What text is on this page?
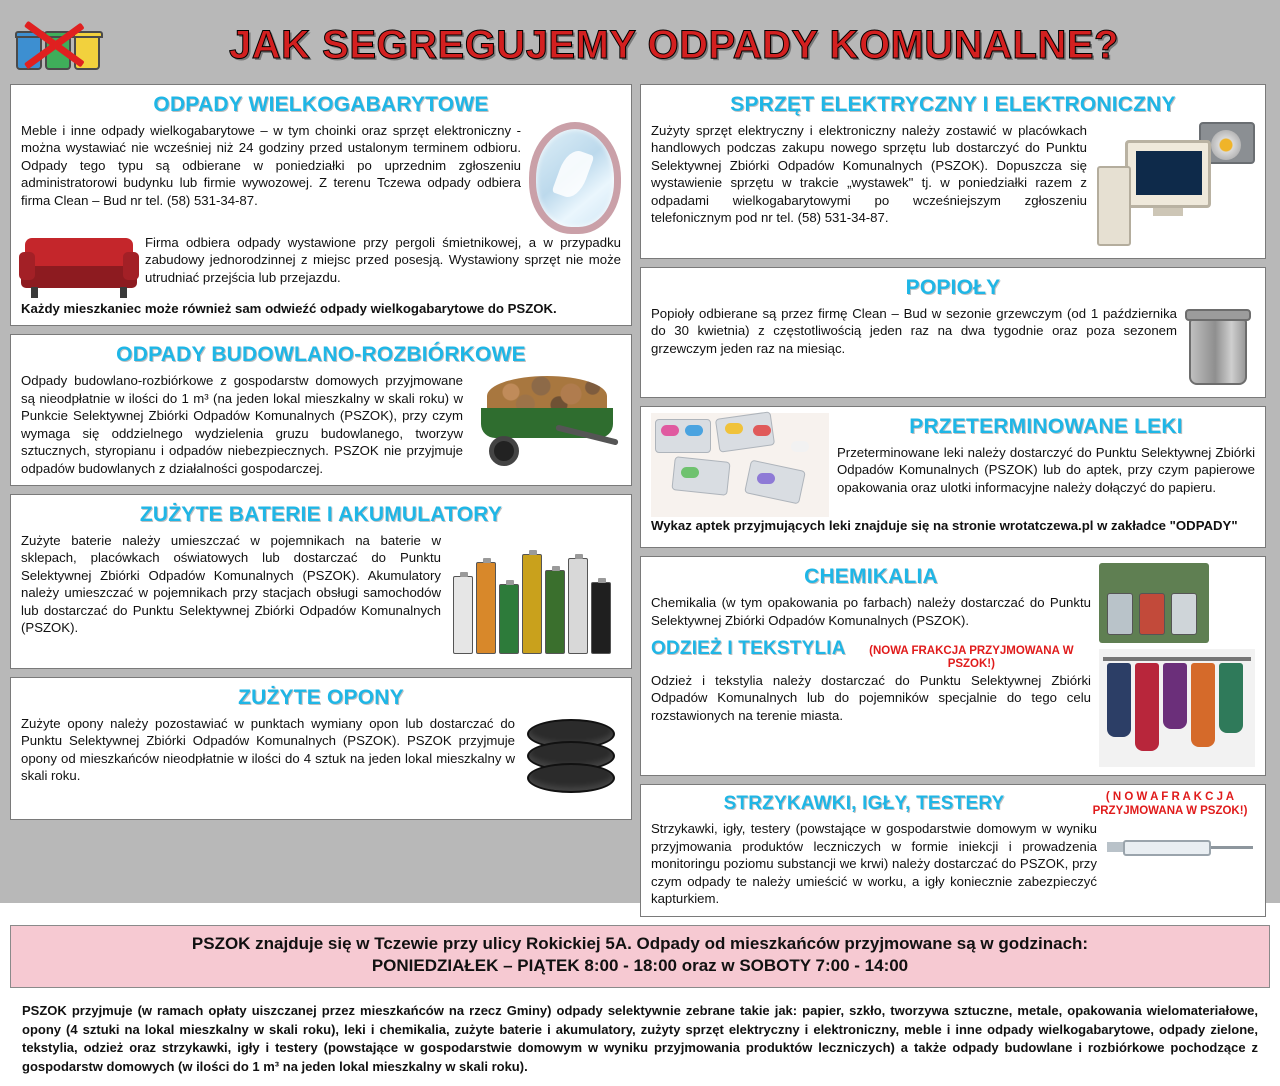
JAK SEGREGUJEMY ODPADY KOMUNALNE?
ODPADY WIELKOGABARYTOWE

Meble i inne odpady wielkogabarytowe – w tym choinki oraz sprzęt elektroniczny - można wystawiać nie wcześniej niż 24 godziny przed ustalonym terminem odbioru. Odpady tego typu są odbierane w poniedziałki po uprzednim zgłoszeniu administratorowi budynku lub firmie wywozowej. Z terenu Tczewa odpady odbiera firma Clean – Bud nr tel. (58) 531-34-87.

Firma odbiera odpady wystawione przy pergoli śmietnikowej, a w przypadku zabudowy jednorodzinnej z miejsc przed posesją. Wystawiony sprzęt nie może utrudniać przejścia lub przejazdu.

Każdy mieszkaniec może również sam odwieźć odpady wielkogabarytowe do PSZOK.

ODPADY BUDOWLANO-ROZBIÓRKOWE

Odpady budowlano-rozbiórkowe z gospodarstw domowych przyjmowane są nieodpłatnie w ilości do 1 m³ (na jeden lokal mieszkalny w skali roku) w Punkcie Selektywnej Zbiórki Odpadów Komunalnych (PSZOK), przy czym wymaga się oddzielnego wydzielenia gruzu budowlanego, tworzyw sztucznych, styropianu i odpadów niebezpiecznych. PSZOK nie przyjmuje odpadów budowlanych z działalności gospodarczej.

ZUŻYTE BATERIE I AKUMULATORY

Zużyte baterie należy umieszczać w pojemnikach na baterie w sklepach, placówkach oświatowych lub dostarczać do Punktu Selektywnej Zbiórki Odpadów Komunalnych (PSZOK). Akumulatory należy umieszczać w pojemnikach przy stacjach obsługi samochodów lub dostarczać do Punktu Selektywnej Zbiórki Odpadów Komunalnych (PSZOK).

ZUŻYTE OPONY

Zużyte opony należy pozostawiać w punktach wymiany opon lub dostarczać do Punktu Selektywnej Zbiórki Odpadów Komunalnych (PSZOK). PSZOK przyjmuje opony od mieszkańców nieodpłatnie w ilości do 4 sztuk na jeden lokal mieszkalny w skali roku.

SPRZĘT ELEKTRYCZNY I ELEKTRONICZNY

Zużyty sprzęt elektryczny i elektroniczny należy zostawić w placówkach handlowych podczas zakupu nowego sprzętu lub dostarczyć do Punktu Selektywnej Zbiórki Odpadów Komunalnych (PSZOK). Dopuszcza się wystawienie sprzętu w trakcie „wystawek" tj. w poniedziałki razem z odpadami wielkogabarytowymi po wcześniejszym zgłoszeniu telefonicznym pod nr tel. (58) 531-34-87.

POPIOŁY

Popioły odbierane są przez firmę Clean – Bud w sezonie grzewczym (od 1 października do 30 kwietnia) z częstotliwością jeden raz na dwa tygodnie oraz poza sezonem grzewczym jeden raz na miesiąc.

PRZETERMINOWANE LEKI

Przeterminowane leki należy dostarczyć do Punktu Selektywnej Zbiórki Odpadów Komunalnych (PSZOK) lub do aptek, przy czym papierowe opakowania oraz ulotki informacyjne należy dołączyć do papieru.

Wykaz aptek przyjmujących leki znajduje się na stronie wrotatczewa.pl w zakładce "ODPADY"

CHEMIKALIA

Chemikalia (w tym opakowania po farbach) należy dostarczać do Punktu Selektywnej Zbiórki Odpadów Komunalnych (PSZOK).

ODZIEŻ I TEKSTYLIA	(NOWA FRAKCJA PRZYJMOWANA W PSZOK!)

Odzież i tekstylia należy dostarczać do Punktu Selektywnej Zbiórki Odpadów Komunalnych lub do pojemników specjalnie do tego celu rozstawionych na terenie miasta.

STRZYKAWKI, IGŁY, TESTERY	( N O W A F R A K C J A PRZYJMOWANA W PSZOK!)

Strzykawki, igły, testery (powstające w gospodarstwie domowym w wyniku przyjmowania produktów leczniczych w formie iniekcji i prowadzenia monitoringu poziomu substancji we krwi) należy dostarczać do PSZOK, przy czym odpady te należy umieścić w worku, a igły koniecznie zabezpieczyć kapturkiem.

PSZOK znajduje się w Tczewie przy ulicy Rokickiej 5A. Odpady od mieszkańców przyjmowane są w godzinach:
PONIEDZIAŁEK – PIĄTEK 8:00 - 18:00 oraz w SOBOTY 7:00 - 14:00
PSZOK przyjmuje (w ramach opłaty uiszczanej przez mieszkańców na rzecz Gminy) odpady selektywnie zebrane takie jak: papier, szkło, tworzywa sztuczne, metale, opakowania wielomateriałowe, opony (4 sztuki na lokal mieszkalny w skali roku), leki i chemikalia, zużyte baterie i akumulatory, zużyty sprzęt elektryczny i elektroniczny, meble i inne odpady wielkogabarytowe, odpady zielone, tekstylia, odzież oraz strzykawki, igły i testery (powstające w gospodarstwie domowym w wyniku przyjmowania produktów leczniczych) a także odpady budowlane i rozbiórkowe pochodzące z gospodarstw domowych (w ilości do 1 m³ na jeden lokal mieszkalny w skali roku).
